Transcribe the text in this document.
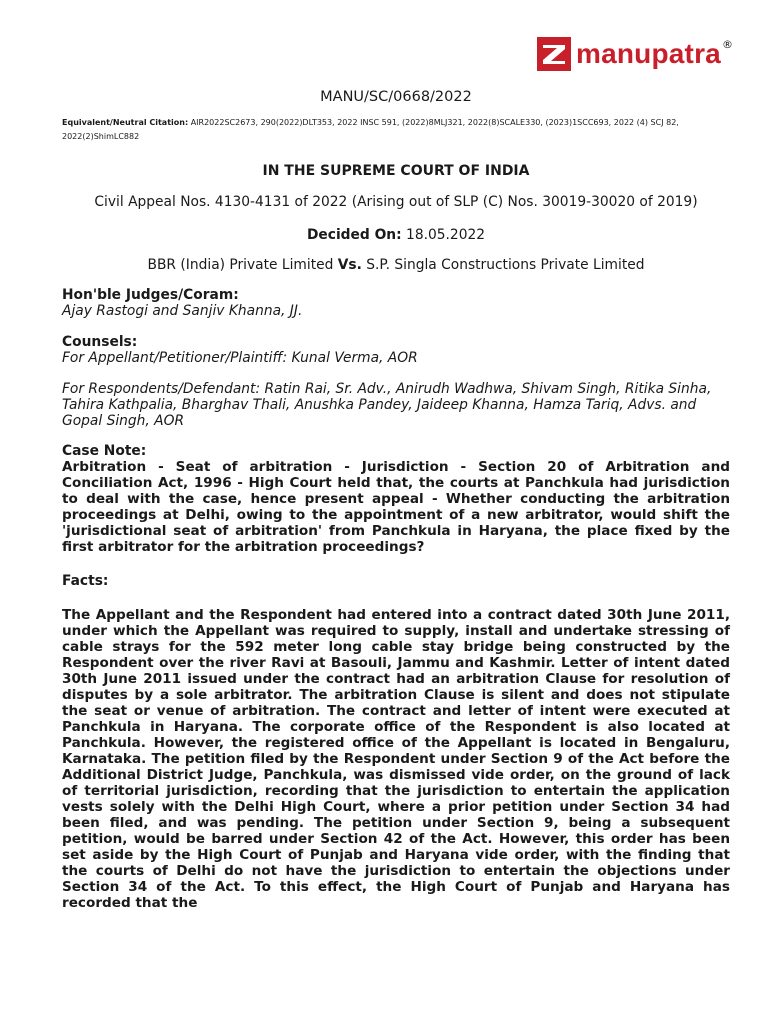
manupatra ®

MANU/SC/0668/2022

Equivalent/Neutral Citation: AIR2022SC2673, 290(2022)DLT353, 2022 INSC 591, (2022)8MLJ321, 2022(8)SCALE330, (2023)1SCC693, 2022 (4) SCJ 82, 2022(2)ShimLC882

IN THE SUPREME COURT OF INDIA

Civil Appeal Nos. 4130-4131 of 2022 (Arising out of SLP (C) Nos. 30019-30020 of 2019)

Decided On: 18.05.2022

BBR (India) Private Limited Vs. S.P. Singla Constructions Private Limited

Hon'ble Judges/Coram:

Ajay Rastogi and Sanjiv Khanna, JJ.

Counsels:

For Appellant/Petitioner/Plaintiff: Kunal Verma, AOR

For Respondents/Defendant: Ratin Rai, Sr. Adv., Anirudh Wadhwa, Shivam Singh, Ritika Sinha, Tahira Kathpalia, Bharghav Thali, Anushka Pandey, Jaideep Khanna, Hamza Tariq, Advs. and Gopal Singh, AOR

Case Note:

Arbitration - Seat of arbitration - Jurisdiction - Section 20 of Arbitration and Conciliation Act, 1996 - High Court held that, the courts at Panchkula had jurisdiction to deal with the case, hence present appeal - Whether conducting the arbitration proceedings at Delhi, owing to the appointment of a new arbitrator, would shift the 'jurisdictional seat of arbitration' from Panchkula in Haryana, the place fixed by the first arbitrator for the arbitration proceedings?

Facts:

The Appellant and the Respondent had entered into a contract dated 30th June 2011, under which the Appellant was required to supply, install and undertake stressing of cable strays for the 592 meter long cable stay bridge being constructed by the Respondent over the river Ravi at Basouli, Jammu and Kashmir. Letter of intent dated 30th June 2011 issued under the contract had an arbitration Clause for resolution of disputes by a sole arbitrator. The arbitration Clause is silent and does not stipulate the seat or venue of arbitration. The contract and letter of intent were executed at Panchkula in Haryana. The corporate office of the Respondent is also located at Panchkula. However, the registered office of the Appellant is located in Bengaluru, Karnataka. The petition filed by the Respondent under Section 9 of the Act before the Additional District Judge, Panchkula, was dismissed vide order, on the ground of lack of territorial jurisdiction, recording that the jurisdiction to entertain the application vests solely with the Delhi High Court, where a prior petition under Section 34 had been filed, and was pending. The petition under Section 9, being a subsequent petition, would be barred under Section 42 of the Act. However, this order has been set aside by the High Court of Punjab and Haryana vide order, with the finding that the courts of Delhi do not have the jurisdiction to entertain the objections under Section 34 of the Act. To this effect, the High Court of Punjab and Haryana has recorded that the
